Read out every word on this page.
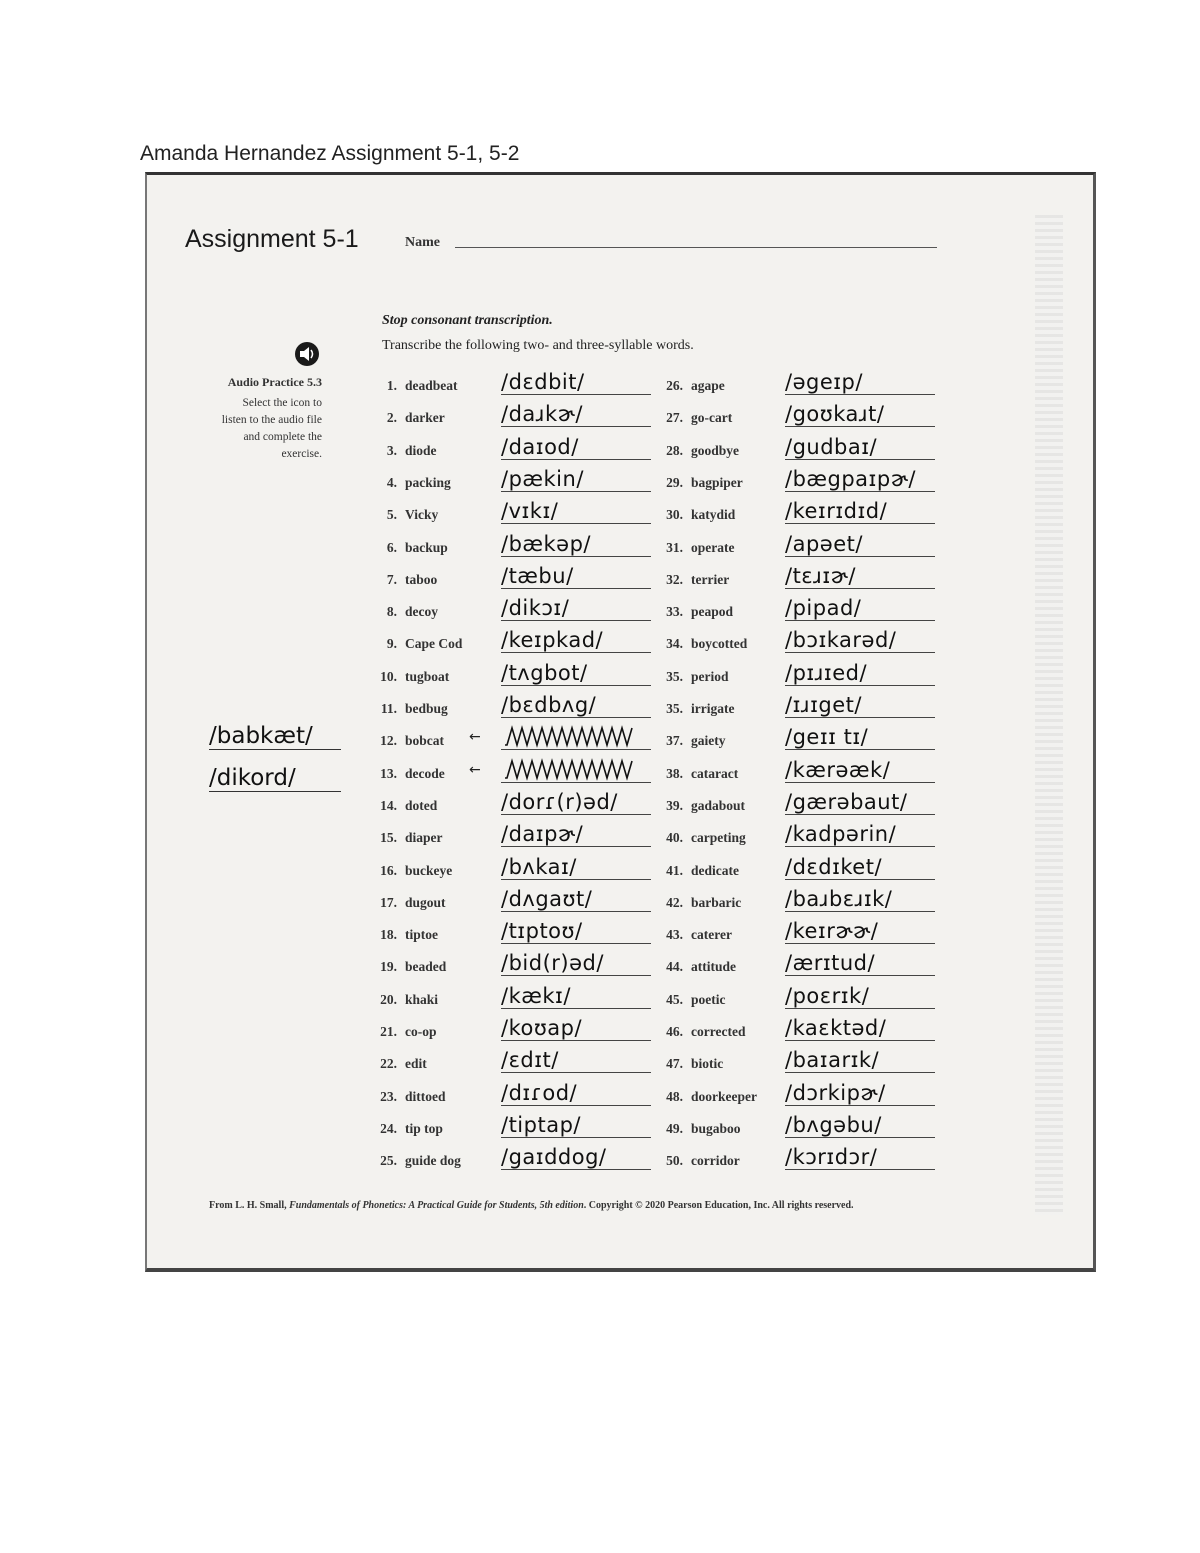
Amanda Hernandez Assignment 5-1, 5-2
Assignment 5-1	Name
Stop consonant transcription.
Transcribe the following two- and three-syllable words.
Audio Practice 5.3
Select the icon to
listen to the audio file
and complete the
exercise.
/babkæt/
/dikord/
1. deadbeat /dɛdbit/
2. darker	/daɹkɚ/
3. diode	/daɪod/
4. packing /pækin/
5. Vicky	/vɪkɪ/
6. backup	/bækəp/
7. taboo	/tæbu/
8. decoy	/dikɔɪ/
9. Cape Cod /keɪpkad/
10. tugboat /tʌgbot/
11. bedbug	/bɛdbʌg/
12. bobcat ←
13. decode ←
14. doted	/dorɾ(r)əd/
15. diaper	/daɪpɚ/
16. buckeye /bʌkaɪ/
17. dugout	/dʌgaʊt/
18. tiptoe	/tɪptoʊ/
19. beaded	/bid(r)əd/
20. khaki	/kækɪ/
21. co-op	/koʊap/
22. edit	/ɛdɪt/
23. dittoed	/dɪɾod/
24. tip top	/tiptap/
25. guide dog /gaɪddog/
26. agape	/əgeɪp/
27. go-cart	/goʊkaɹt/
28. goodbye /gudbaɪ/
29. bagpiper /bægpaɪpɚ/
30. katydid /keɪrɪdɪd/
31. operate /apəet/
32. terrier	/tɛɹɪɚ/
33. peapod /pipad/
34. boycotted /bɔɪkarəd/
35. period	/pɪɹɪed/
35. irrigate /ɪɹɪget/
37. gaiety	/geɪɪ tɪ/
38. cataract /kærəæk/
39. gadabout /gærəbaut/
40. carpeting /kadpərin/
41. dedicate /dɛdɪket/
42. barbaric /baɹbɛɹɪk/
43. caterer	/keɪrɚɚ/
44. attitude /ærɪtud/
45. poetic	/poɛrɪk/
46. corrected /kaɛktəd/
47. biotic	/baɪarɪk/
48. doorkeeper /dɔrkipɚ/
49. bugaboo /bʌgəbu/
50. corridor /kɔrɪdɔr/
From L. H. Small, Fundamentals of Phonetics: A Practical Guide for Students, 5th edition. Copyright © 2020 Pearson Education, Inc. All rights reserved.
